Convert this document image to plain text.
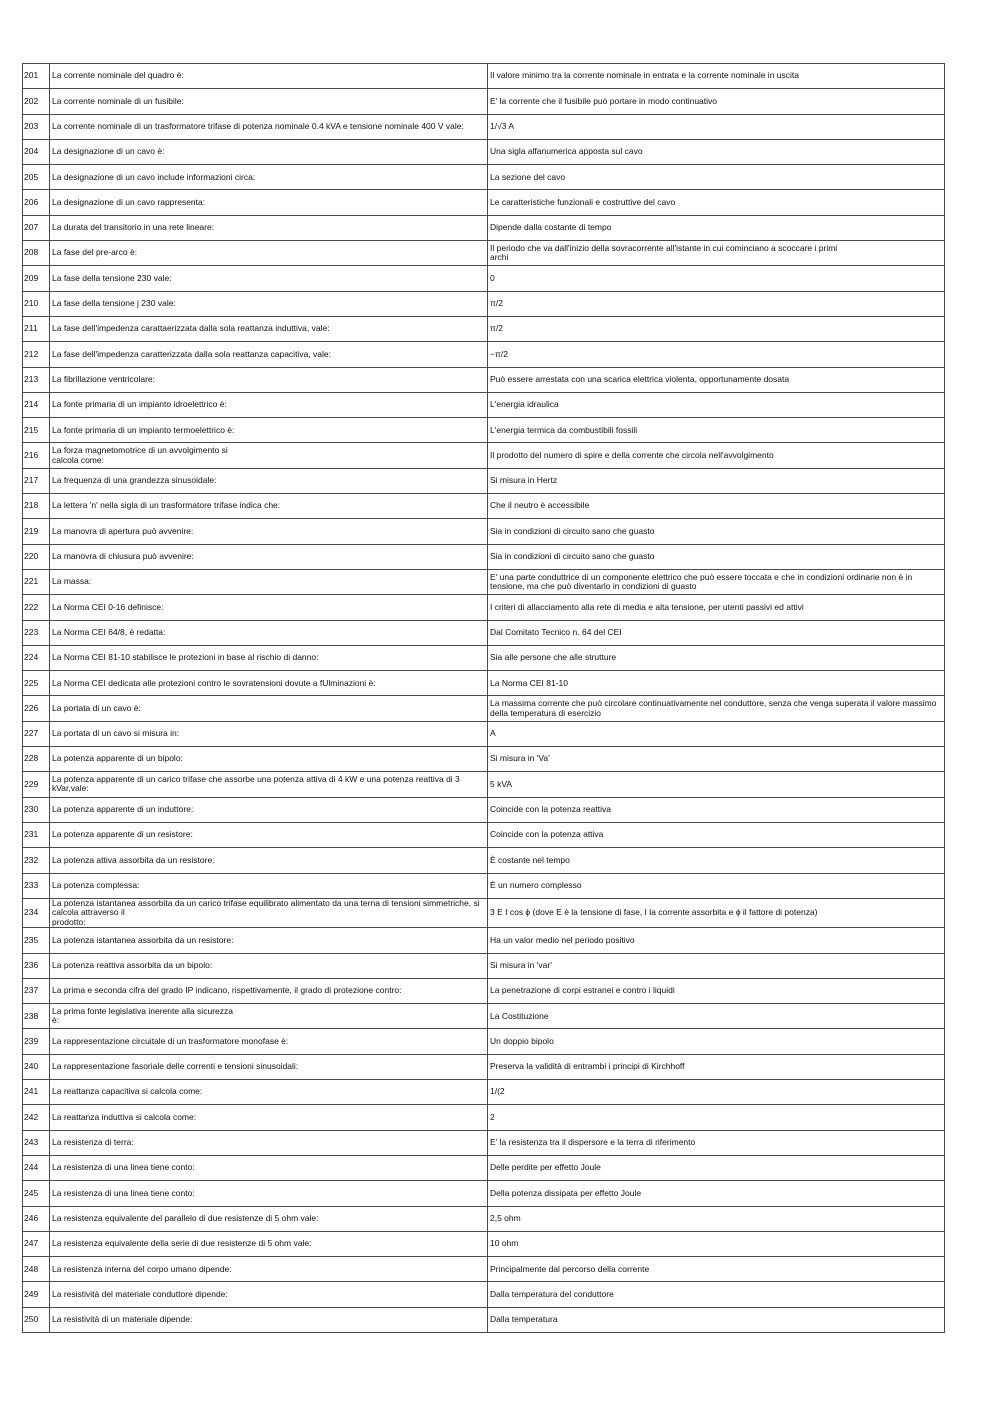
201	La corrente nominale del quadro è:	Il valore minimo tra la corrente nominale in entrata e la corrente nominale in uscita

202	La corrente nominale di un fusibile:	E' la corrente che il fusibile può portare in modo continuativo

203	La corrente nominale di un trasformatore trifase di potenza nominale 0.4 kVA e tensione nominale 400 V vale:	1/√3 A

204	La designazione di un cavo è:	Una sigla alfanumerica apposta sul cavo

205	La designazione di un cavo include informazioni circa:	La sezione del cavo

206	La designazione di un cavo rappresenta:	Le caratteristiche funzionali e costruttive del cavo

207	La durata del transitorio in una rete lineare:	Dipende dalla costante di tempo

208	La fase del pre-arco è:	Il periodo che va dall'inizio della sovracorrente all'istante in cui cominciano a scoccare i primi
archi

209	La fase della tensione 230 vale:	0

210	La fase della tensione j 230 vale:	π/2

211	La fase dell'impedenza carattaerizzata dalla sola reattanza induttiva, vale:	π/2

212	La fase dell'impedenza caratterizzata dalla sola reattanza capacitiva, vale:	−π/2

213	La fibrillazione ventricolare:	Può essere arrestata con una scarica elettrica violenta, opportunamente dosata

214	La fonte primaria di un impianto idroelettrico è:	L'energia idraulica

215	La fonte primaria di un impianto termoelettrico è:	L'energia termica da combustibili fossili

216	La forza magnetomotrice di un avvolgimento si
calcola come:	Il prodotto del numero di spire e della corrente che circola nell'avvolgimento

217	La frequenza di una grandezza sinusoidale:	Si misura in Hertz

218	La lettera 'n' nella sigla di un trasformatore trifase indica che:	Che il neutro è accessibile

219	La manovra di apertura può avvenire:	Sia in condizioni di circuito sano che guasto

220	La manovra di chiusura può avvenire:	Sia in condizioni di circuito sano che guasto

221	La massa:	E' una parte conduttrice di un componente elettrico che può essere toccata e che in condizioni ordinarie non è in tensione, ma che può diventarlo in condizioni di guasto

222	La Norma CEI 0-16 definisce:	I criteri di allacciamento alla rete di media e alta tensione, per utenti passivi ed attivi

223	La Norma CEI 64/8, è redatta:	Dal Comitato Tecnico n. 64 del CEI

224	La Norma CEI 81-10 stabilisce le protezioni in base al rischio di danno:	Sia alle persone che alle strutture

225	La Norma CEI dedicata alle protezioni contro le sovratensioni dovute a fUlminazioni è:	La Norma CEI 81-10

226	La portata di un cavo è:	La massima corrente che può circolare continuativamente nel conduttore, senza che venga superata il valore massimo della temperatura di esercizio

227	La portata di un cavo si misura in:	A

228	La potenza apparente di un bipolo:	Si misura in 'Va'

229	La potenza apparente di un carico trifase che assorbe una potenza attiva di 4 kW e una potenza reattiva di 3 kVar,vale:	5 kVA

230	La potenza apparente di un induttore:	Coincide con la potenza reattiva

231	La potenza apparente di un resistore:	Coincide con la potenza attiva

232	La potenza attiva assorbita da un resistore:	È costante nel tempo

233	La potenza complessa:	È un numero complesso

234	La potenza istantanea assorbita da un carico trifase equilibrato alimentato da una terna di tensioni simmetriche, si calcola attraverso il
prodotto:	3 E I cos ϕ (dove E è la tensione di fase, I la corrente assorbita e ϕ il fattore di potenza)

235	La potenza istantanea assorbita da un resistore:	Ha un valor medio nel periodo positivo

236	La potenza reattiva assorbita da un bipolo:	Si misura in 'var'

237	La prima e seconda cifra del grado IP indicano, rispettivamente, il grado di protezione contro:	La penetrazione di corpi estranei e contro i liquidi

238	La prima fonte legislativa inerente alla sicurezza
è:	La Costituzione

239	La rappresentazione circuitale di un trasformatore monofase è:	Un doppio bipolo

240	La rappresentazione fasoriale delle correnti e tensioni sinusoidali:	Preserva la validità di entrambi i principi di Kirchhoff

241	La reattanza capacitiva si calcola come:	1/(2

242	La reattanza induttiva si calcola come:	2

243	La resistenza di terra:	E' la resistenza tra il dispersore e la terra di riferimento

244	La resistenza di una linea tiene conto:	Delle perdite per effetto Joule

245	La resistenza di una linea tiene conto:	Della potenza dissipata per effetto Joule

246	La resistenza equivalente del parallelo di due resistenze di 5 ohm vale:	2,5 ohm

247	La resistenza equivalente della serie di due resistenze di 5 ohm vale:	10 ohm

248	La resistenza interna del corpo umano dipende:	Principalmente dal percorso della corrente

249	La resistività del materiale conduttore dipende:	Dalla temperatura del conduttore

250	La resistività di un materiale dipende:	Dalla temperatura
